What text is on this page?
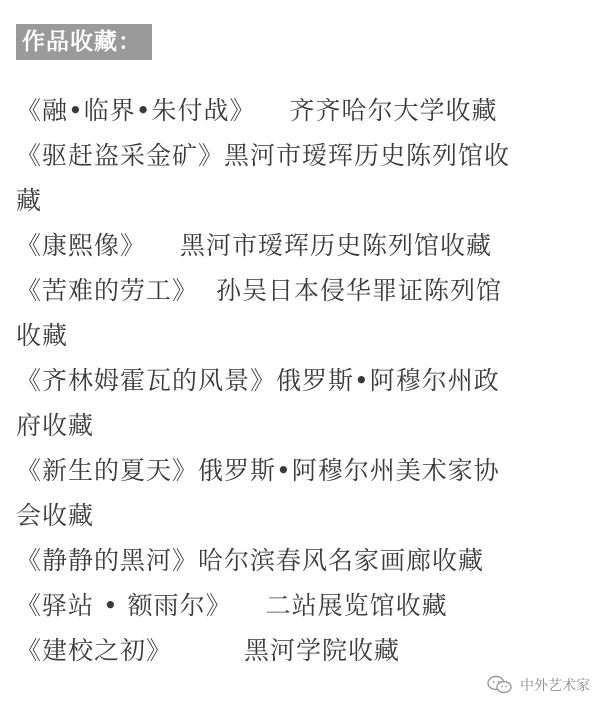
作品收藏：
《融•临界•朱付战》 齐齐哈尔大学收藏
《驱赶盗采金矿》黑河市瑷珲历史陈列馆收
藏
《康熙像》 黑河市瑷珲历史陈列馆收藏
《苦难的劳工》 孙吴日本侵华罪证陈列馆
收藏
《齐林姆霍瓦的风景》俄罗斯•阿穆尔州政
府收藏
《新生的夏天》俄罗斯•阿穆尔州美术家协
会收藏
《静静的黑河》哈尔滨春风名家画廊收藏
《驿站 • 额雨尔》 二站展览馆收藏
《建校之初》	黑河学院收藏
中外艺术家
